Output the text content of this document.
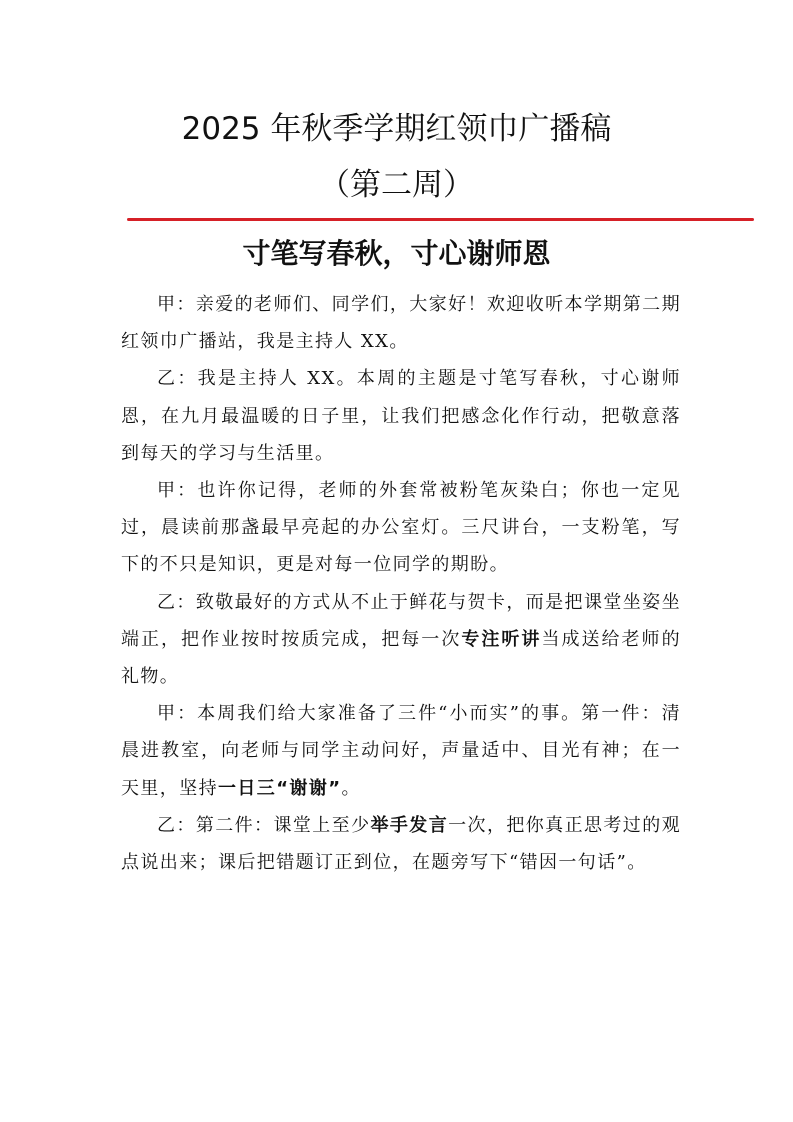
2025 年秋季学期红领巾广播稿
（第二周）
寸笔写春秋，寸心谢师恩

甲：亲爱的老师们、同学们，大家好！欢迎收听本学期第二期红领巾广播站，我是主持人 XX。

乙：我是主持人 XX。本周的主题是寸笔写春秋，寸心谢师恩，在九月最温暖的日子里，让我们把感念化作行动，把敬意落到每天的学习与生活里。

甲：也许你记得，老师的外套常被粉笔灰染白；你也一定见过，晨读前那盏最早亮起的办公室灯。三尺讲台，一支粉笔，写下的不只是知识，更是对每一位同学的期盼。

乙：致敬最好的方式从不止于鲜花与贺卡，而是把课堂坐姿坐端正，把作业按时按质完成，把每一次专注听讲当成送给老师的礼物。

甲：本周我们给大家准备了三件“小而实”的事。第一件：清晨进教室，向老师与同学主动问好，声量适中、目光有神；在一天里，坚持一日三“谢谢”。

乙：第二件：课堂上至少举手发言一次，把你真正思考过的观点说出来；课后把错题订正到位，在题旁写下“错因一句话”。
